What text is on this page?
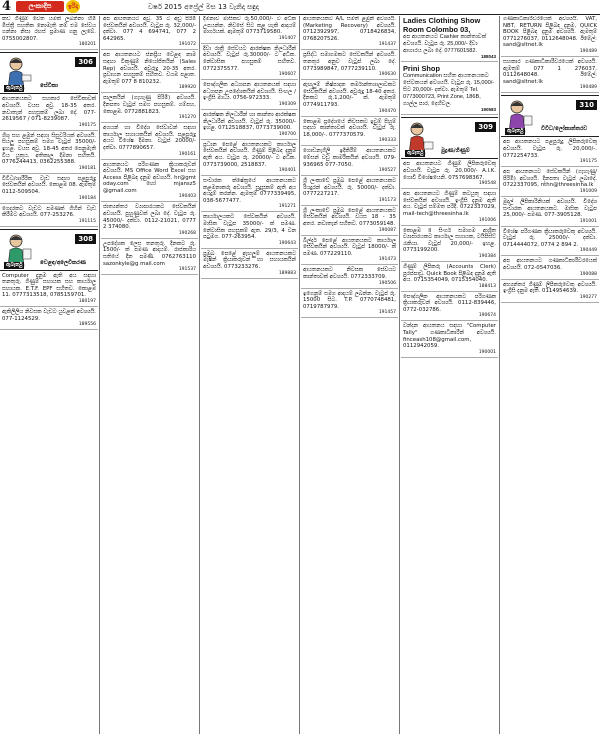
4	ලංකාදීප	ඉරිදා	වර්ෂ 2015 අප්‍රේල් මස 13 වැනිදා සඳුදා
කඩ ගිණුම් වෙත යමක් ලබන්නා හිමි මිස්ත්‍රී සහතික නොමැති නම් එම සේවය ගන්නා නිසා රහස් ප්‍රමාණ ගනු ලැබේ. 0755002807.
180201
306
ඇබෑර්තු	සේවිකා
ආයතනයකට සහකාර සේවිකාවක් අවශ්‍යයි. වයස අවු. 18-35 අතර. නවාතැන් පහසුකම් ලබා දේ. 077-2619567 / 071-8239087.
190175
ශිශු සහ ළමුන් සඳහා සිසුවරියක් අවශ්‍යයි. සියලු පහසුකම් සමග වැටුප් 35000/- ඉහළ. වයස අවු. 18-45 අතර පෙනුමැති විය යුතුය. අතිකාල දීමනා සහිතයි. 0776244413, 0362255388.
190181
විවිධ/ශාරීරික වැඩ සඳහා පළපුරුදු සේවකයින් අවශ්‍යයි. කොළඹ 08. ඇමතුම් 0112-509504.
190184
ගෙදරකට වැඩට පමණක් ගිහින් වැඩ කිරීමට අවශ්‍යයි. 077-253276.
191115
308
ඇබෑර්තු	වෙළඳ/අලෙවිකරණ
Computer දැනුම ඇති අය සඳහා තනතුරු. ගිණුම් සහායක සහ කාර්යාල සහායක. E.T.F. EPF සහිතව. කොළඹ 11. 0777313518, 0785159701.
180197
ඇකිලීලිය නිවසක වැඩට යුවළක් අවශ්‍යයි. 077-1124529.
189556
අප ආයතනයට අවු. 35 ට අඩු පිරිමි සේවකයින් අවශ්‍යයි. වැටුප රු. 32,000/- දක්වා. 077 4 694741, 077 2 642965.
191072
අප ආයතනයට ජනප්‍රිය වෙළඳ නාම සඳහා විකුණුම් නියෝජිතයින් (Sales Rep) අවශ්‍යයි. අවුරුදු 20-35 අතර. ප්‍රවාහන පහසුකම් සහිතව. වයඹ පළාත. ඇමතුම් 077 8 810232.
189920
පාලකයින් (ගැහැණු පිරිමි) අවශ්‍යයි. දිනපතා වැටුප් සමග පහසුකම්. ගම්පහ, කොළඹ. 0772881823.
191270
අගයන් හා විදේශ සේවාවන් සඳහා කාර්යාල සහායකයින් අවශ්‍යයි. පළපුරුදු අයට විශේෂ දීමනා. වැටුප් 20000/- දක්වා. 0777890657.
190161
ආයතනයට පරිගණක ක්‍රියාකරුවන් අවශ්‍යයි. MS Office Word Excel සහ Access පිළිබඳ දැනුම අවශ්‍යයි. hr@gmt oday.com හෝ mjansz5 @gmail.com
190403
ජාත්‍යන්තර ව්‍යාපාරයකට සේවකයින් අවශ්‍යයි. පුහුණුවක් ලබා දේ. වැටුප රු. 45000/- දක්වා. 0112-21021, 0777 2 374080.
190268
උපදේශක ලෙස තනතුරු. දිනකට රු. 1500/- ක් පමණ ආදායම්. රාජකාරිය සතියේ දින පමණි. 0762763110 sazonkyle@g mail.com
191537
දීමනාව මාසිකව රු.50,000/- ට අධික උපයන්න. නිවසේ සිට කළ හැකි ආදායම් මාර්ගයක්. ඇමතුම් 0773719580.
191407
දිවා රාත්‍රී සේවයට ආරක්ෂක නිලධාරීන් අවශ්‍යයි. වැටුප් රු.30000/- ට අධික. නේවාසික පහසුකම් සහිතව. 0772375577.
190607
පෞද්ගලික අධ්‍යාපන ආයතනයක් සඳහා අධ්‍යාපන උපදේශකයින් අවශ්‍යයි. සිංහල / ඉංග්‍රීසි මාධ්‍ය. 0756-972333.
190309
ආරක්ෂක නිලධාරීන් හා කාන්තා ආරක්ෂක නිලධාරීන් අවශ්‍යයි. වැටුප් රු. 35000/- ඉහළ. 0712518837, 0773739000.
190700
ප්‍රධාන පෙළේ ආයතනයකට කාර්යාල සේවකයින් අවශ්‍යයි. ගිණුම් පිළිබඳ දැනුම ඇති අය. වැටුප රු. 20000/- ට අධික. 0773739000, 2518837.
190401
සංචාරක ක්ෂේත්‍රයේ ආයතනයකට කළමනාකරු අවශ්‍යයි. සුදුසුකම් ඇති අය අයදුම් කරන්න. ඇමතුම් 0777339495, 038-5677477.
191271
කාර්යාලයකට සේවකයින් අවශ්‍යයි. මාසික වැටුප 35000/- ක් පමණ. නේවාසික පහසුකම් ඇත. 29/3, 4 වන පටුමග. 077-263954.
190643
ප්‍රමුඛ පෙළේ ඇඟලුම් ආයතනයකට මැෂින් ක්‍රියාකරුවන් හා සහායකයින් අවශ්‍යයි. 0773233276.
189883
ආයතනයකට A/L සමත් ළමුන් අවශ්‍යයි. (Marketing Recovery) අවශ්‍යයි. 0712392997, 0718426834, 0768207526.
191437
ප්‍රසිද්ධ සමාගමකට සේවකයින් අවශ්‍යයි. තනතුර අනුව වැටුප් ලබා දේ. 0773989847, 0777239110.
190630
ඇඟලුම් නිෂ්පාදන කර්මාන්තශාලාවකට සේවකයින් අවශ්‍යයි. අවුරුදු 18-40 අතර. දිනකට රු.1,200/- ක්. ඇමතුම් 0774911793.
190470
කොළඹ ප්‍රදේශයේ නිවසකට ඉවුම් පිහුම් සඳහා කාන්තාවක් අවශ්‍යයි. වැටුප් රු. 18,000/-. 0777370579.
190333
ගොඩනැගිලි ඉදිකිරීම් ආයතනයකට මේසන් වඩු කාර්මිකයින් අවශ්‍යයි. 079-936965 077-7050.
190527
ශ්‍රී ලංකාවේ ප්‍රමුඛ පෙළේ ආයතනයකට රියදුරන් අවශ්‍යයි. රු. 50000/- දක්වා. 0777227217.
191173
ශ්‍රී ලංකාවේ ප්‍රමුඛ පෙළේ ආයතනයකට සේවකයින් අවශ්‍යයි. වයස 18 - 35 අතර. නවාතැන් සහිතව. 0773059148.
190087
බිල්දර් පෙළේ ආයතනයකට කාර්යාල සේවකයින් අවශ්‍යයි. වැටුප් 18000/- ක් පමණ. 077229110.
191473
ආයතනයකට නිවසක සේවයට කාන්තාවක් අවශ්‍යයි. 0772333709.
190506
ඉගෙනුම් සමග ආදායම් ලබන්න. වැටුප් රු. 15000 සිට. T.P. 0770748481, 0719787979.
191457
Ladies Clothing Show Room Colombo 03,
අප ආයතනයට Cashier කාන්තාවක් අවශ්‍යයි. වැටුප රු. 25,000/- දිවා ආහාරය ලබා දේ. 0777601582.
188043
Prini Shop
Communication සහිත ආයතනයකට සේවකයන් අවශ්‍යයි. වැටුප රු. 15,000/- සිට 20,000/- දක්වා. ඇමතුම් Tel. 0773000723, Print Zone, 186B, ගාල්ල පාර, දෙහිවල.
190583
309
ඇබෑර්තු	මුද්‍රණ/ගිණුම්
අප ආයතනයට ගිණුම් ලිපිකරුවෙකු අවශ්‍යයි. වැටුප රු. 20,000/- A.I.K. ගොවි විශේෂයෙනි. 0757698367.
190548
අප ආයතනයට ගිණුම් කටයුතු සඳහා සේවකයින් අවශ්‍යයි. ඉංග්‍රීසි දැනුම ඇති අය. වැටුප් සම්මත පරිදි. 0722337029, mail-tech@threesinha.lk
191006
කොළඹ II සිංගර් සමාගම ආශ්‍රිත ව්‍යාපාරයකට කාර්යාල සහායක, ටයිපිස්ට් රැකියා. වැටුප් 20,000/- ඉහළ. 0773199200.
190384
ගිණුම් ලිපිකරු (Accounts Clerk) පුරප්පාඩු. Quick Book පිළිබඳ දැනුම ඇති අය. 0715354049, 0715354040.
188413
පෞද්ගලික ආයතනයකට පරිගණක ක්‍රියාකරුවන් අවශ්‍යයි. 0112-839446, 0772-032786.
190674
වන්දන ආයතනය සඳහා "Computer Tally" ගණකාධිකාරීන් අවශ්‍යයි. finceash108@gmail.com, 0112942059.
190001
ගණකාධිකාරීවරයෙක් අවශ්‍යයි. VAT, NBT, RETURN පිළිබඳ දැනුම, QUICK BOOK පිළිබඳ දැනුම අවශ්‍යයි. ඇමතුම් 0771276037, 0112648048. ඊමේල්: sand@sltnet.lk
190489
සහකාර ගණකාධිකාරීවරයෙක් අවශ්‍යයි. ඇමතුම් 077 1 276037, 0112648048. ඊමේල්: sand@sltnet.lk
190489
310
ඇබෑර්තු	විවිධ/ලෝකාන්තරව
අප ආයතනයට පළපුරුදු ලිපිකරුවෙකු අවශ්‍යයි. වැටුප රු. 20,000/-. 0772254733.
191175
අප ආයතනයට සේවකයින් (ගැහැණු/පිරිමි) අවශ්‍යයි. දිනපතා වැටුප් ලබාදේ. 0722337095, nthn@threesinha.lk
191009
මුදල් ලිපිකාරිනියක් අවශ්‍යයි. විදේශ සංචාරක ආයතනයකට. මාසික වැටුප 25,000/- පමණ. 077-3905128.
191001
විශේෂ පරිගණක ක්‍රියාකරුවෙකු අවශ්‍යයි. වැටුප් රු. 25000/- දක්වා. 0714444072, 0774 2 894 2.
190449
අප ආයතනයට ගණකාධිකාරීවරයෙක් අවශ්‍යයි. 072-0547036.
190088
අභ්‍යන්තර ගිණුම් ලිපිකරුවෙකු අවශ්‍යයි. ඉංග්‍රීසි දැනුම ඇති. 0114954639.
190277
